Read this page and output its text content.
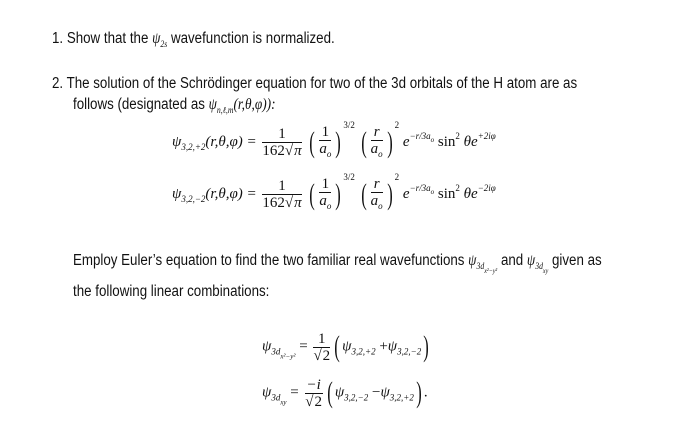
1. Show that the $\psi_{2s}$ wavefunction is normalized.
2. The solution of the Schrödinger equation for two of the 3d orbitals of the H atom are as
follows (designated as $\psi_{n,\ell,m}(r,\theta,\varphi)$):
$\psi_{3,2,+2}(r,\theta,\varphi) = \frac{1}{162√\pi}$ ( $\frac{1}{a_o} )^{3/2}$ ( $\frac{r}{a_o} )^2$ $e^{-r/3ao}$ $\sin^2 \theta e^{+2i\varphi}$
$\psi_{3,2,-2}(r,\theta,\varphi) = \frac{1}{162√\pi}$ ( $\frac{1}{a_o} )^{3/2}$ ( $\frac{r}{a_o} )^2$ $e^{-r/3ao}$ $\sin^2 \theta e^{-2i\varphi}$
Employ Euler’s equation to find the two familiar real wavefunctions $\psi_{3dx^2-y^2}$ and $\psi_{3dxy}$ given as
the following linear combinations:
$\psi_{3dx^2-y^2} = \frac{1}{√2}$ ( $\psi_{3,2,+2} +\psi_{3,2,-2}$)
$\psi_{3dxy} = \frac{-i}{√2}$ ( $\psi_{3,2,-2} -\psi_{3,2,+2}$) .
